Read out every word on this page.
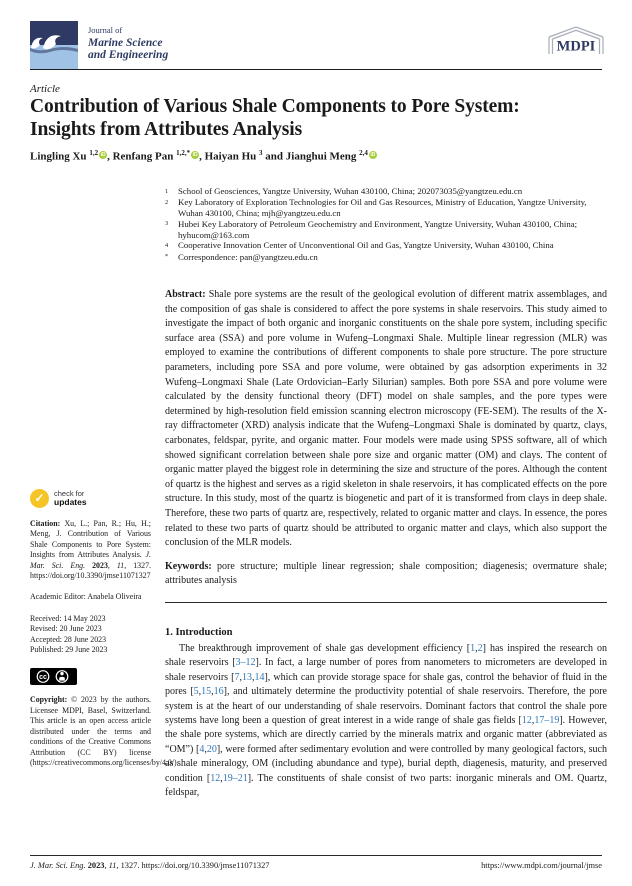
Journal of
Marine Science
and Engineering
MDPI
Article
Contribution of Various Shale Components to Pore System:
Insights from Attributes Analysis
Lingling Xu $^{1,2}$ iD , Renfang Pan $^{1,2,*}$ iD , Haiyan Hu $^3$ and Jianghui Meng $^{2,4}$ iD
1	School of Geosciences, Yangtze University, Wuhan 430100, China; 202073035@yangtzeu.edu.cn
2	Key Laboratory of Exploration Technologies for Oil and Gas Resources, Ministry of Education, Yangtze University, Wuhan 430100, China; mjh@yangtzeu.edu.cn
3	Hubei Key Laboratory of Petroleum Geochemistry and Environment, Yangtze University, Wuhan 430100, China; hyhucom@163.com
4	Cooperative Innovation Center of Unconventional Oil and Gas, Yangtze University, Wuhan 430100, China
*	Correspondence: pan@yangtzeu.edu.cn

Abstract: Shale pore systems are the result of the geological evolution of different matrix assemblages, and the composition of gas shale is considered to affect the pore systems in shale reservoirs. This study aimed to investigate the impact of both organic and inorganic constituents on the shale pore system, including specific surface area (SSA) and pore volume in Wufeng–Longmaxi Shale. Multiple linear regression (MLR) was employed to examine the contributions of different components to shale pore structure. The pore structure parameters, including pore SSA and pore volume, were obtained by gas adsorption experiments in 32 Wufeng–Longmaxi Shale (Late Ordovician–Early Silurian) samples. Both pore SSA and pore volume were calculated by the density functional theory (DFT) model on shale samples, and the pore types were determined by high-resolution field emission scanning electron microscopy (FE-SEM). The results of the X-ray diffractometer (XRD) analysis indicate that the Wufeng–Longmaxi Shale is dominated by quartz, clays, carbonates, feldspar, pyrite, and organic matter. Four models were made using SPSS software, all of which showed significant correlation between shale pore size and organic matter (OM) and clays. The content of organic matter played the biggest role in determining the size and structure of the pores. Although the content of quartz is the highest and serves as a rigid skeleton in shale reservoirs, it has complicated effects on the pore structure. In this study, most of the quartz is biogenetic and part of it is transformed from clays in deep shale. Therefore, these two parts of quartz are, respectively, related to organic matter and clays. In essence, the pores related to these two parts of quartz should be attributed to organic matter and clays, which also support the conclusion of the MLR models.

Keywords: pore structure; multiple linear regression; shale composition; diagenesis; overmature shale; attributes analysis

1. Introduction

The breakthrough improvement of shale gas development efficiency [1,2] has inspired the research on shale reservoirs [3–12]. In fact, a large number of pores from nanometers to micrometers are developed in shale reservoirs [7,13,14], which can provide storage space for shale gas, control the behavior of fluid in the pores [5,15,16], and ultimately determine the productivity potential of shale reservoirs. Therefore, the pore system is at the heart of our understanding of shale reservoirs. Dominant factors that control the shale pore systems have long been a question of great interest in a wide range of shale gas fields [12,17–19]. However, the shale pore systems, which are directly carried by the minerals matrix and organic matter (abbreviated as “OM”) [4,20], were formed after sedimentary evolution and were controlled by many geological factors, such as shale mineralogy, OM (including abundance and type), burial depth, diagenesis, maturity, and preserved condition [12,19–21]. The constituents of shale consist of two parts: inorganic minerals and OM. Quartz, feldspar,

✓	check for
updates
Citation: Xu, L.; Pan, R.; Hu, H.; Meng, J. Contribution of Various Shale Components to Pore System: Insights from Attributes Analysis. J. Mar. Sci. Eng. 2023, 11, 1327. https://doi.org/10.3390/jmse11071327
Academic Editor: Anabela Oliveira
Received: 14 May 2023
Revised: 20 June 2023
Accepted: 28 June 2023
Published: 29 June 2023
cc
Copyright: © 2023 by the authors. Licensee MDPI, Basel, Switzerland. This article is an open access article distributed under the terms and conditions of the Creative Commons Attribution (CC BY) license (https://creativecommons.org/licenses/by/4.0/).
J. Mar. Sci. Eng. 2023, 11, 1327. https://doi.org/10.3390/jmse11071327	https://www.mdpi.com/journal/jmse
